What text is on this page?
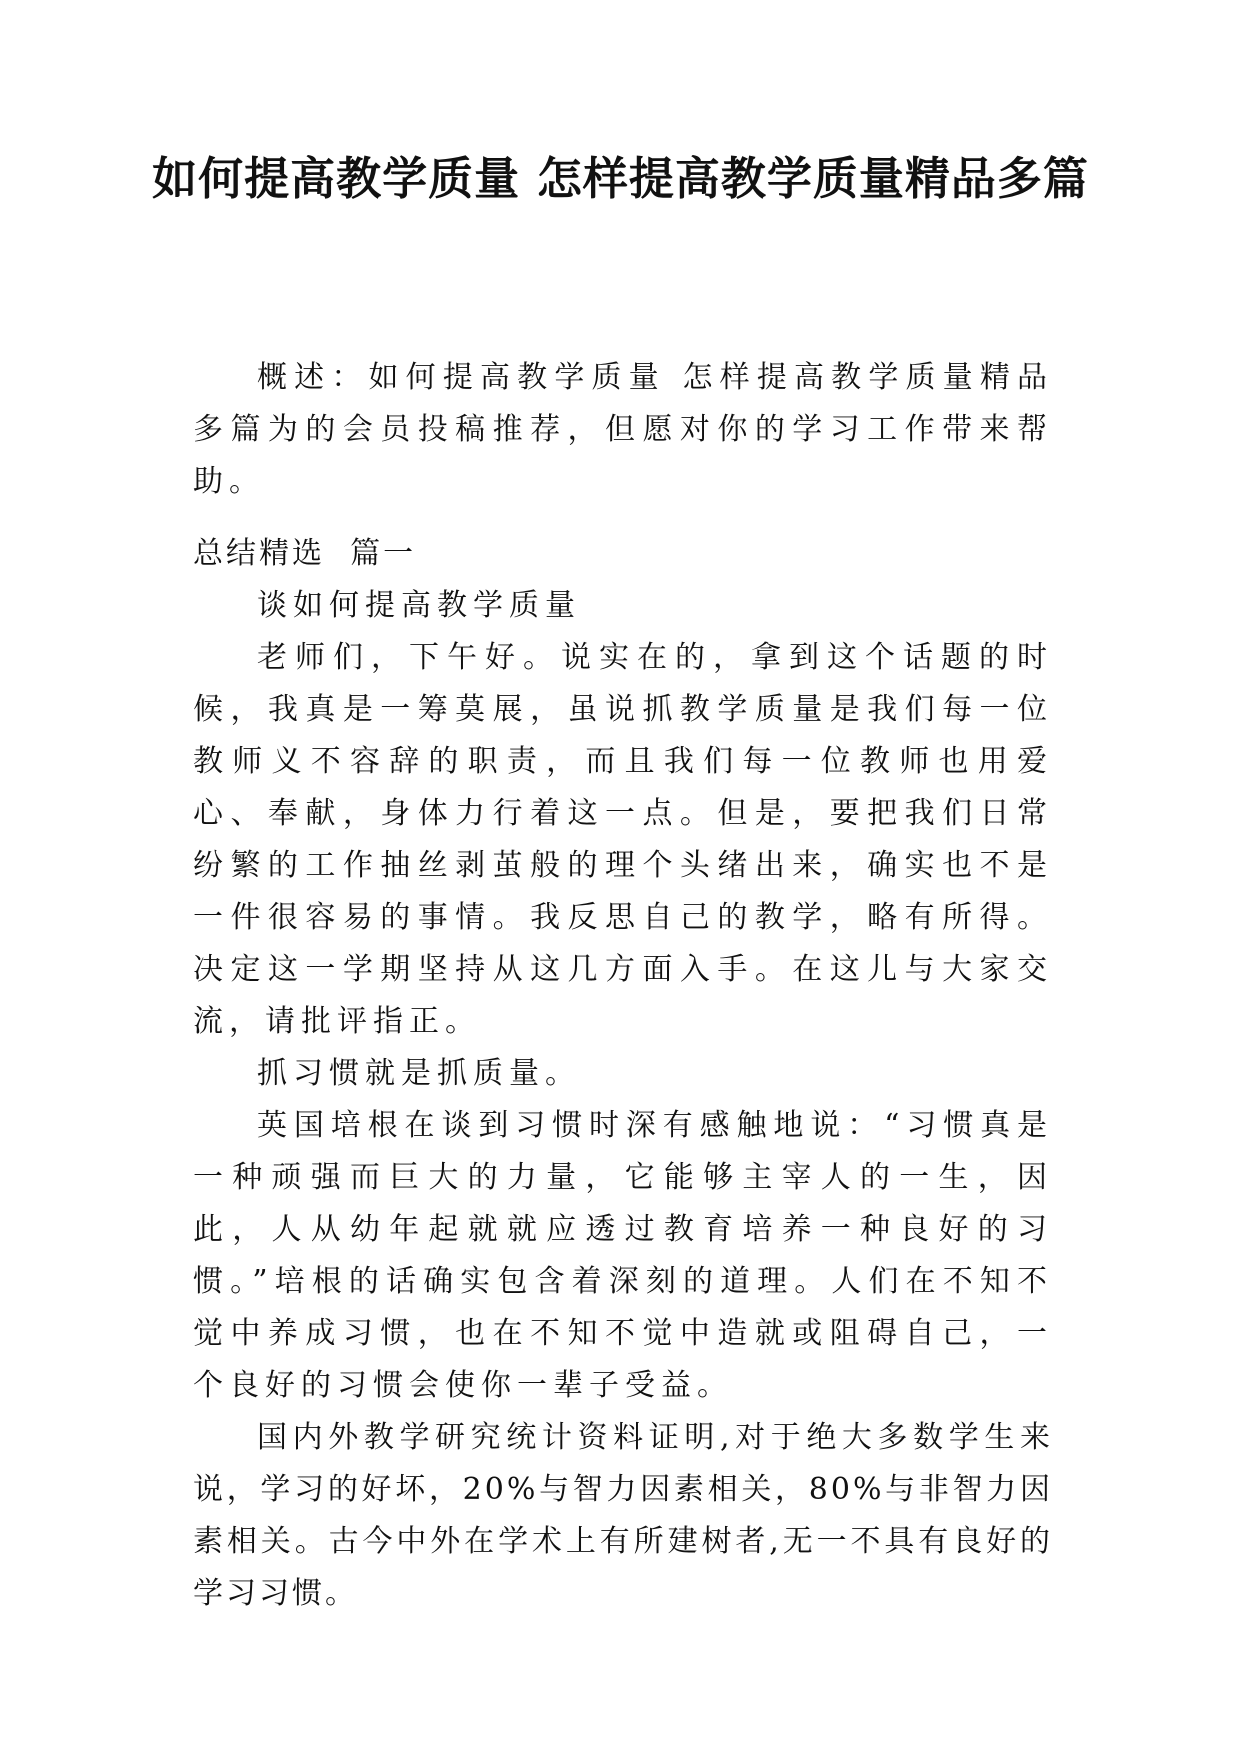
如何提高教学质量 怎样提高教学质量精品多篇

概述：如何提高教学质量 怎样提高教学质量精品多篇为的会员投稿推荐，但愿对你的学习工作带来帮助。

总结精选  篇一

谈如何提高教学质量

老师们，下午好。说实在的，拿到这个话题的时候，我真是一筹莫展，虽说抓教学质量是我们每一位教师义不容辞的职责，而且我们每一位教师也用爱心、奉献，身体力行着这一点。但是，要把我们日常纷繁的工作抽丝剥茧般的理个头绪出来，确实也不是一件很容易的事情。我反思自己的教学，略有所得。决定这一学期坚持从这几方面入手。在这儿与大家交流，请批评指正。

抓习惯就是抓质量。

英国培根在谈到习惯时深有感触地说：“习惯真是一种顽强而巨大的力量，它能够主宰人的一生，因此，人从幼年起就就应透过教育培养一种良好的习惯。”培根的话确实包含着深刻的道理。人们在不知不觉中养成习惯，也在不知不觉中造就或阻碍自己，一个良好的习惯会使你一辈子受益。

国内外教学研究统计资料证明,对于绝大多数学生来说，学习的好坏，20%与智力因素相关，80%与非智力因素相关。古今中外在学术上有所建树者,无一不具有良好的学习习惯。
